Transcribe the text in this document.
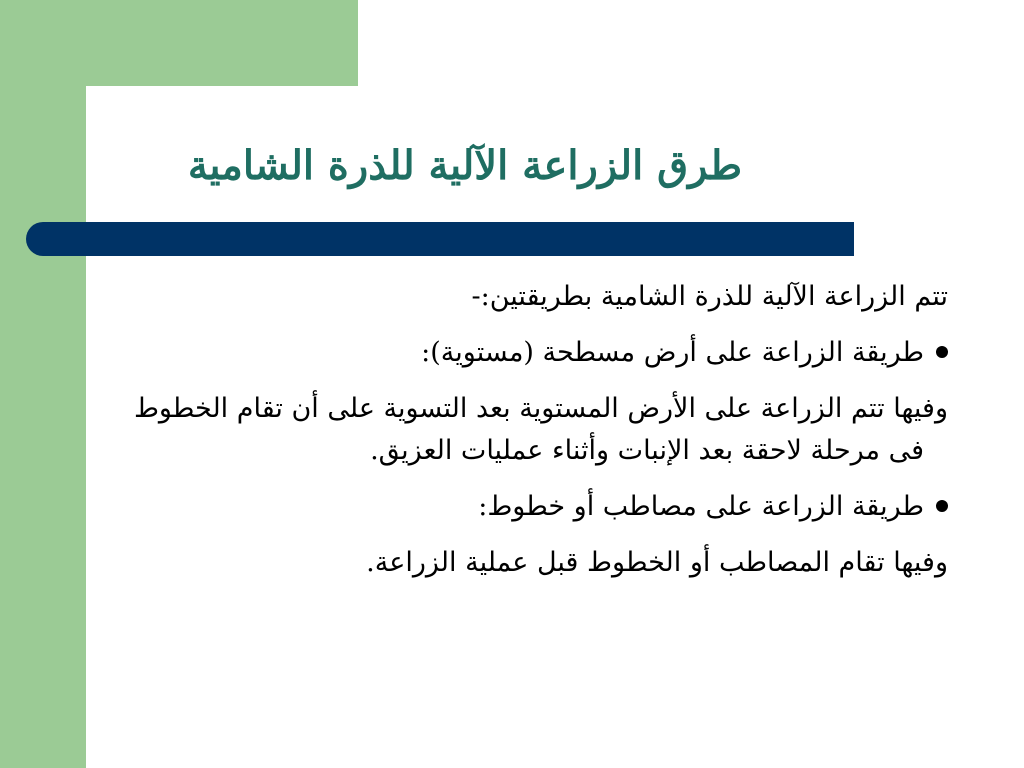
طرق الزراعة الآلية للذرة الشامية

تتم الزراعة الآلية للذرة الشامية بطريقتين:-

طريقة الزراعة على أرض مسطحة (مستوية):

وفيها تتم الزراعة على الأرض المستوية بعد التسوية على أن تقام الخطوط فى مرحلة لاحقة بعد الإنبات وأثناء عمليات العزيق.

طريقة الزراعة على مصاطب أو خطوط:

وفيها تقام المصاطب أو الخطوط قبل عملية الزراعة.
